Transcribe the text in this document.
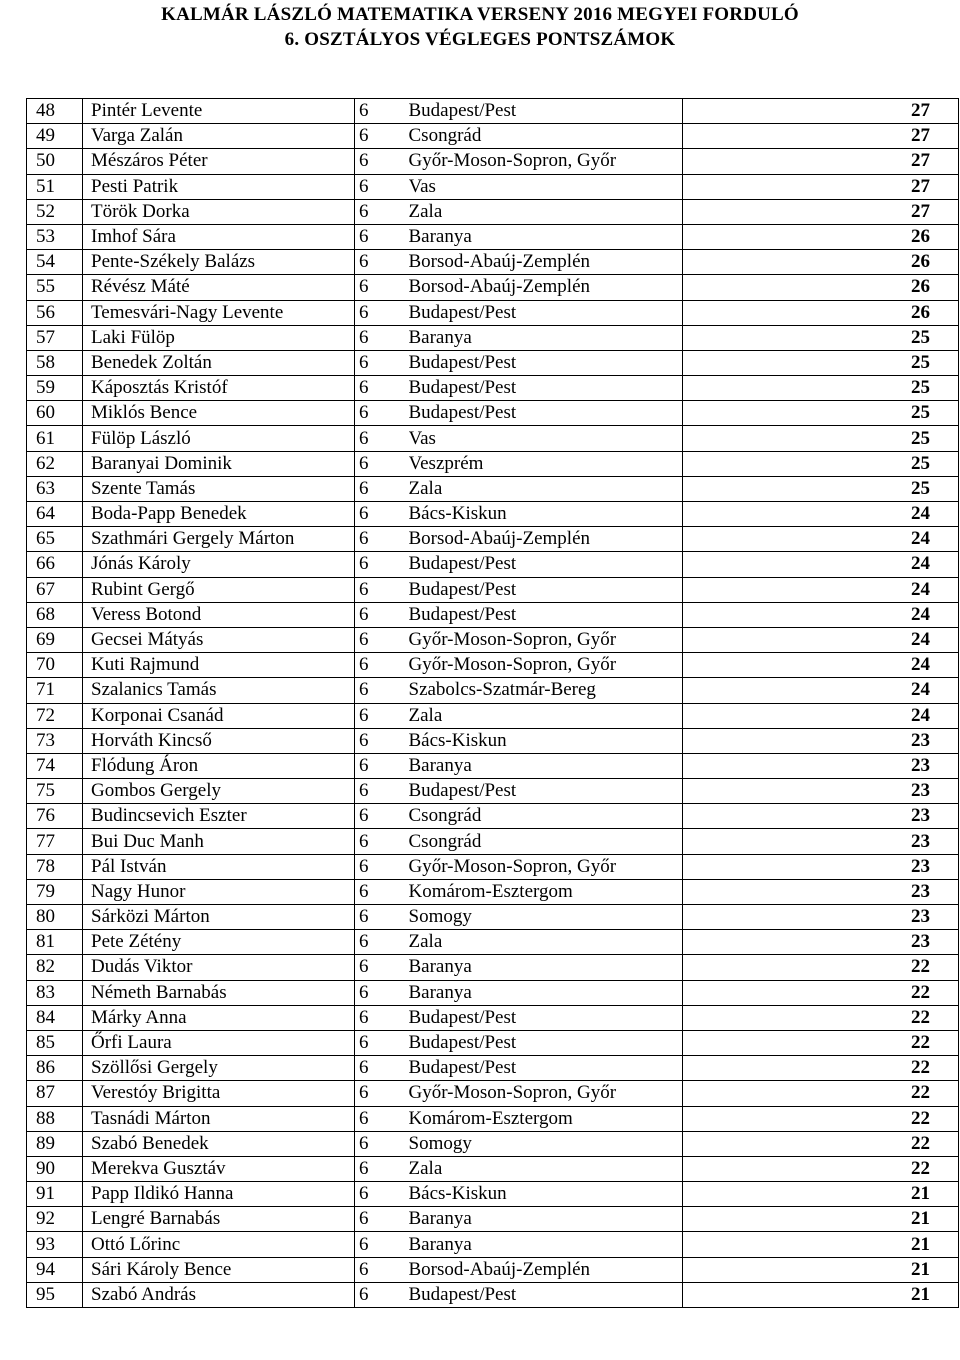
KALMÁR LÁSZLÓ MATEMATIKA VERSENY 2016 MEGYEI FORDULÓ
6. OSZTÁLYOS VÉGLEGES PONTSZÁMOK
48	Pintér Levente	6	Budapest/Pest	27
49	Varga Zalán	6	Csongrád	27
50	Mészáros Péter	6	Győr-Moson-Sopron, Győr	27
51	Pesti Patrik	6	Vas	27
52	Török Dorka	6	Zala	27
53	Imhof Sára	6	Baranya	26
54	Pente-Székely Balázs	6	Borsod-Abaúj-Zemplén	26
55	Révész Máté	6	Borsod-Abaúj-Zemplén	26
56	Temesvári-Nagy Levente	6	Budapest/Pest	26
57	Laki Fülöp	6	Baranya	25
58	Benedek Zoltán	6	Budapest/Pest	25
59	Káposztás Kristóf	6	Budapest/Pest	25
60	Miklós Bence	6	Budapest/Pest	25
61	Fülöp László	6	Vas	25
62	Baranyai Dominik	6	Veszprém	25
63	Szente Tamás	6	Zala	25
64	Boda-Papp Benedek	6	Bács-Kiskun	24
65	Szathmári Gergely Márton	6	Borsod-Abaúj-Zemplén	24
66	Jónás Károly	6	Budapest/Pest	24
67	Rubint Gergő	6	Budapest/Pest	24
68	Veress Botond	6	Budapest/Pest	24
69	Gecsei Mátyás	6	Győr-Moson-Sopron, Győr	24
70	Kuti Rajmund	6	Győr-Moson-Sopron, Győr	24
71	Szalanics Tamás	6	Szabolcs-Szatmár-Bereg	24
72	Korponai Csanád	6	Zala	24
73	Horváth Kincső	6	Bács-Kiskun	23
74	Flódung Áron	6	Baranya	23
75	Gombos Gergely	6	Budapest/Pest	23
76	Budincsevich Eszter	6	Csongrád	23
77	Bui Duc Manh	6	Csongrád	23
78	Pál István	6	Győr-Moson-Sopron, Győr	23
79	Nagy Hunor	6	Komárom-Esztergom	23
80	Sárközi Márton	6	Somogy	23
81	Pete Zétény	6	Zala	23
82	Dudás Viktor	6	Baranya	22
83	Németh Barnabás	6	Baranya	22
84	Márky Anna	6	Budapest/Pest	22
85	Őrfi Laura	6	Budapest/Pest	22
86	Szöllősi Gergely	6	Budapest/Pest	22
87	Verestóy Brigitta	6	Győr-Moson-Sopron, Győr	22
88	Tasnádi Márton	6	Komárom-Esztergom	22
89	Szabó Benedek	6	Somogy	22
90	Merekva Gusztáv	6	Zala	22
91	Papp Ildikó Hanna	6	Bács-Kiskun	21
92	Lengré Barnabás	6	Baranya	21
93	Ottó Lőrinc	6	Baranya	21
94	Sári Károly Bence	6	Borsod-Abaúj-Zemplén	21
95	Szabó András	6	Budapest/Pest	21
